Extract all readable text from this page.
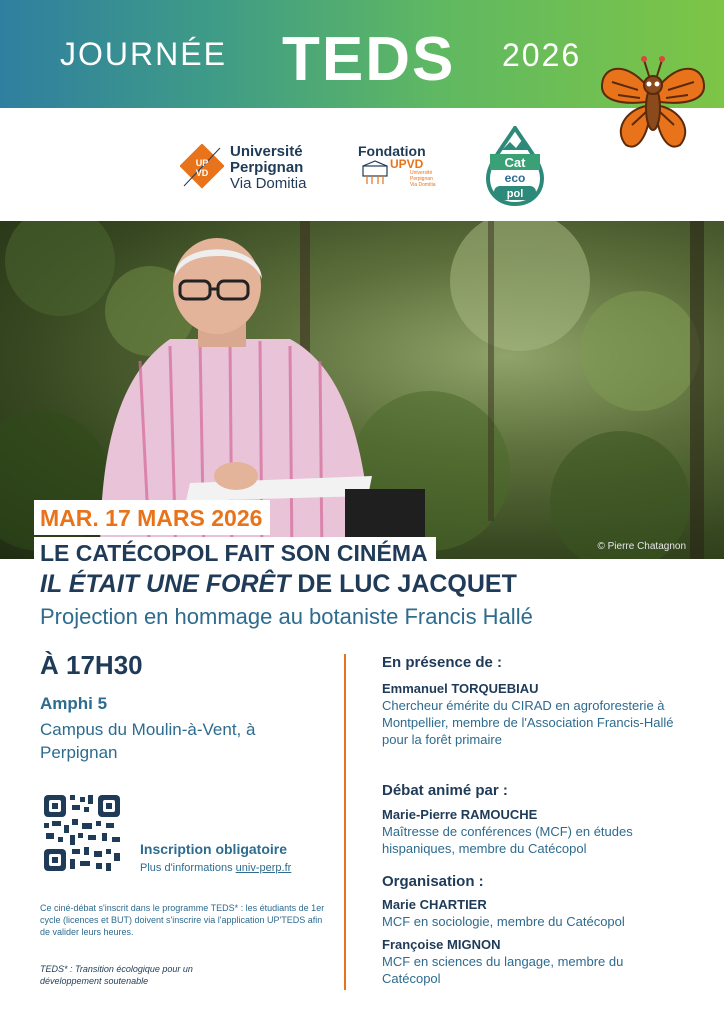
JOURNÉE TEDS 2026
UP
VD
Université
Perpignan
Via Domitia
Fondation
UPVD
Université Perpignan Via Domitia
Cat
eco
pol
© Pierre Chatagnon
MAR. 17 MARS 2026
LE CATÉCOPOL FAIT SON CINÉMA
IL ÉTAIT UNE FORÊT DE LUC JACQUET
Projection en hommage au botaniste Francis Hallé
À 17H30
Amphi 5
Campus du Moulin-à-Vent, à Perpignan
Inscription obligatoire
Plus d'informations univ-perp.fr
Ce ciné-débat s'inscrit dans le programme TEDS* : les étudiants de 1er cycle (licences et BUT) doivent s'inscrire via l'application UP'TEDS afin de valider leurs heures.
TEDS* : Transition écologique pour un développement soutenable
En présence de :
Emmanuel TORQUEBIAU
Chercheur émérite du CIRAD en agroforesterie à Montpellier, membre de l'Association Francis-Hallé pour la forêt primaire
Débat animé par :
Marie-Pierre RAMOUCHE
Maîtresse de conférences (MCF) en études hispaniques, membre du Catécopol
Organisation :
Marie CHARTIER
MCF en sociologie, membre du Catécopol
Françoise MIGNON
MCF en sciences du langage, membre du Catécopol
